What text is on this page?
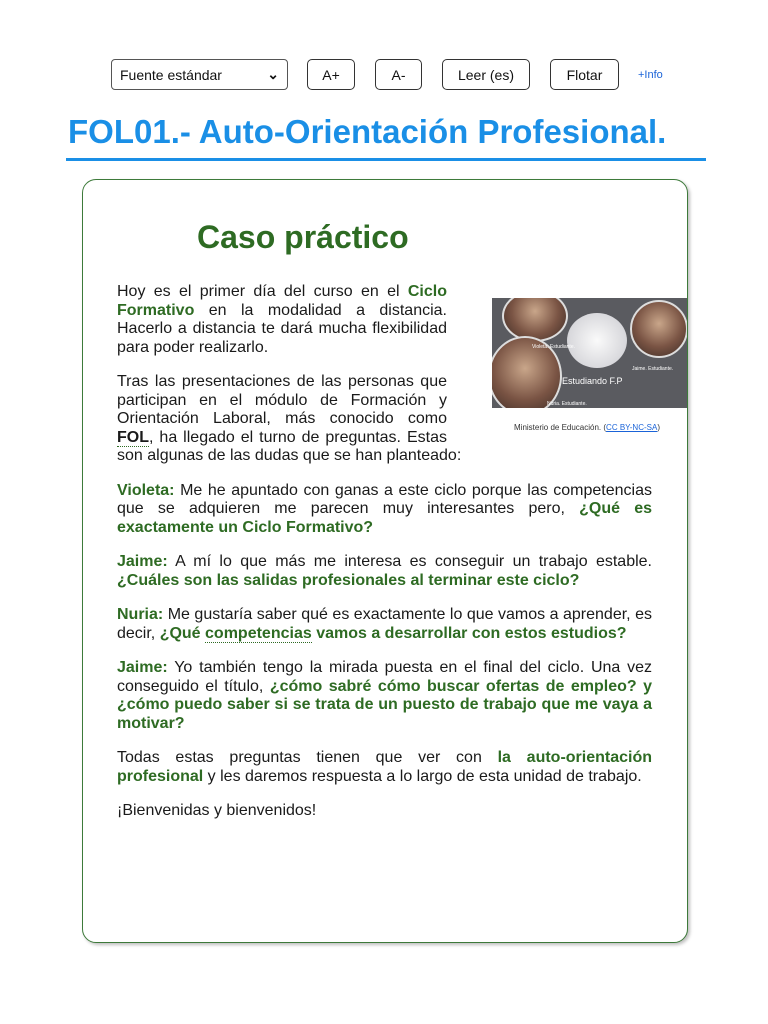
Fuente estándar	⌄	A+	A-	Leer (es)	Flotar	+Info
FOL01.- Auto-Orientación Profesional.
Caso práctico
Violeta. Estudiante.
Jaime. Estudiante.
Nuria. Estudiante.
Estudiando F.P
Ministerio de Educación. (CC BY-NC-SA)

Hoy es el primer día del curso en el Ciclo Formativo en la modalidad a distancia. Hacerlo a distancia te dará mucha flexibilidad para poder realizarlo.

Tras las presentaciones de las personas que participan en el módulo de Formación y Orientación Laboral, más conocido como FOL, ha llegado el turno de preguntas. Estas son algunas de las dudas que se han planteado:

Violeta: Me he apuntado con ganas a este ciclo porque las competencias que se adquieren me parecen muy interesantes pero, ¿Qué es exactamente un Ciclo Formativo?

Jaime: A mí lo que más me interesa es conseguir un trabajo estable. ¿Cuáles son las salidas profesionales al terminar este ciclo?

Nuria: Me gustaría saber qué es exactamente lo que vamos a aprender, es decir, ¿Qué competencias vamos a desarrollar con estos estudios?

Jaime: Yo también tengo la mirada puesta en el final del ciclo. Una vez conseguido el título, ¿cómo sabré cómo buscar ofertas de empleo? y ¿cómo puedo saber si se trata de un puesto de trabajo que me vaya a motivar?

Todas estas preguntas tienen que ver con la auto-orientación profesional y les daremos respuesta a lo largo de esta unidad de trabajo.

¡Bienvenidas y bienvenidos!
